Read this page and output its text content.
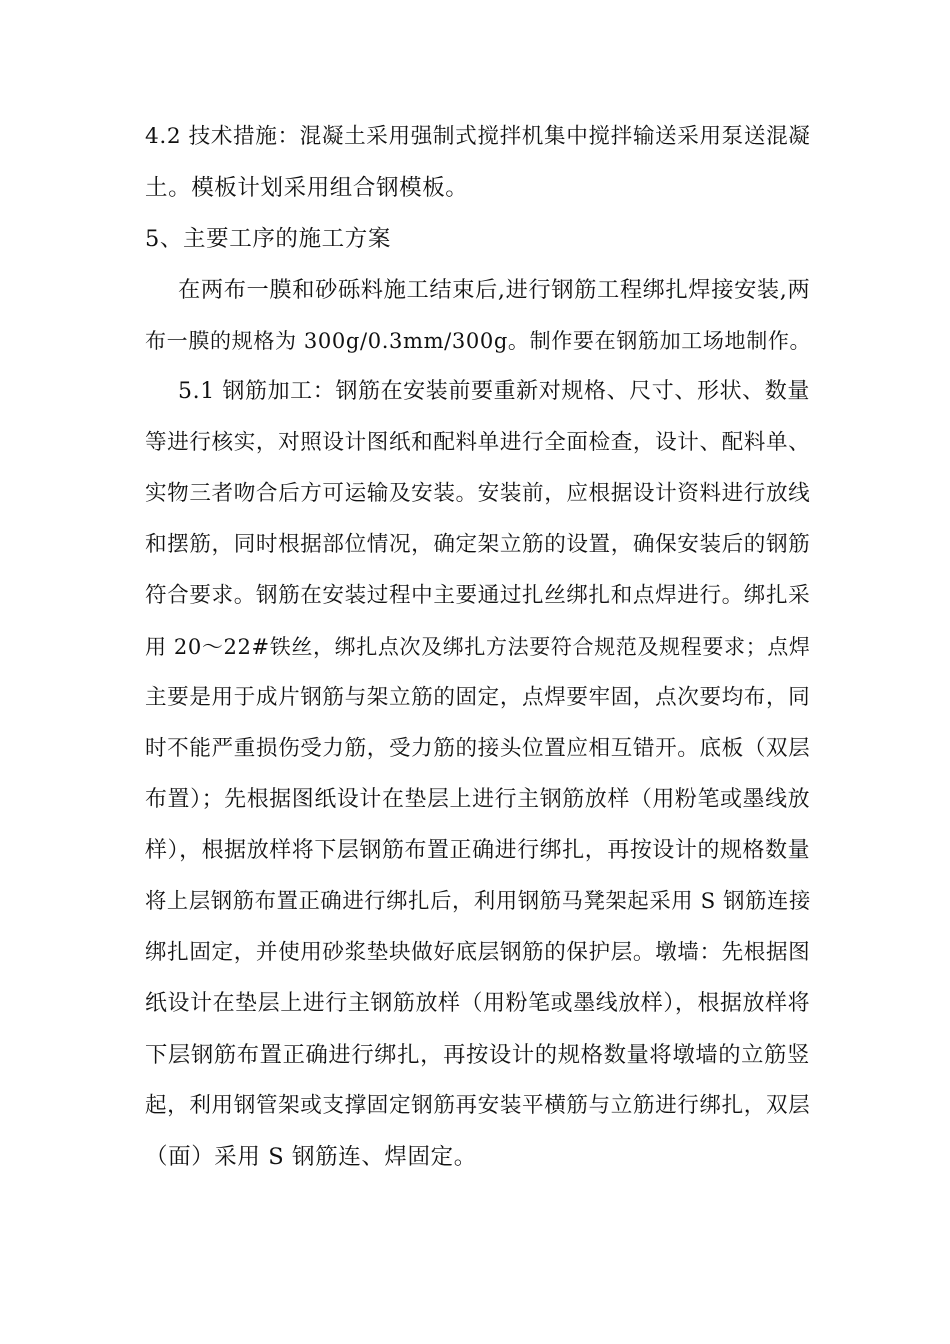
4.2 技术措施：混凝土采用强制式搅拌机集中搅拌输送采用泵送混凝
土。模板计划采用组合钢模板。
5、主要工序的施工方案
在两布一膜和砂砾料施工结束后,进行钢筋工程绑扎焊接安装,两
布一膜的规格为 300g/0.3mm/300g。制作要在钢筋加工场地制作。
5.1 钢筋加工：钢筋在安装前要重新对规格、尺寸、形状、数量
等进行核实，对照设计图纸和配料单进行全面检查，设计、配料单、
实物三者吻合后方可运输及安装。安装前，应根据设计资料进行放线
和摆筋，同时根据部位情况，确定架立筋的设置，确保安装后的钢筋
符合要求。钢筋在安装过程中主要通过扎丝绑扎和点焊进行。绑扎采
用 20～22#铁丝，绑扎点次及绑扎方法要符合规范及规程要求；点焊
主要是用于成片钢筋与架立筋的固定，点焊要牢固，点次要均布，同
时不能严重损伤受力筋，受力筋的接头位置应相互错开。底板（双层
布置）；先根据图纸设计在垫层上进行主钢筋放样（用粉笔或墨线放
样），根据放样将下层钢筋布置正确进行绑扎，再按设计的规格数量
将上层钢筋布置正确进行绑扎后，利用钢筋马凳架起采用 S 钢筋连接
绑扎固定，并使用砂浆垫块做好底层钢筋的保护层。墩墙：先根据图
纸设计在垫层上进行主钢筋放样（用粉笔或墨线放样），根据放样将
下层钢筋布置正确进行绑扎，再按设计的规格数量将墩墙的立筋竖
起，利用钢管架或支撑固定钢筋再安装平横筋与立筋进行绑扎，双层
（面）采用 S 钢筋连、焊固定。
